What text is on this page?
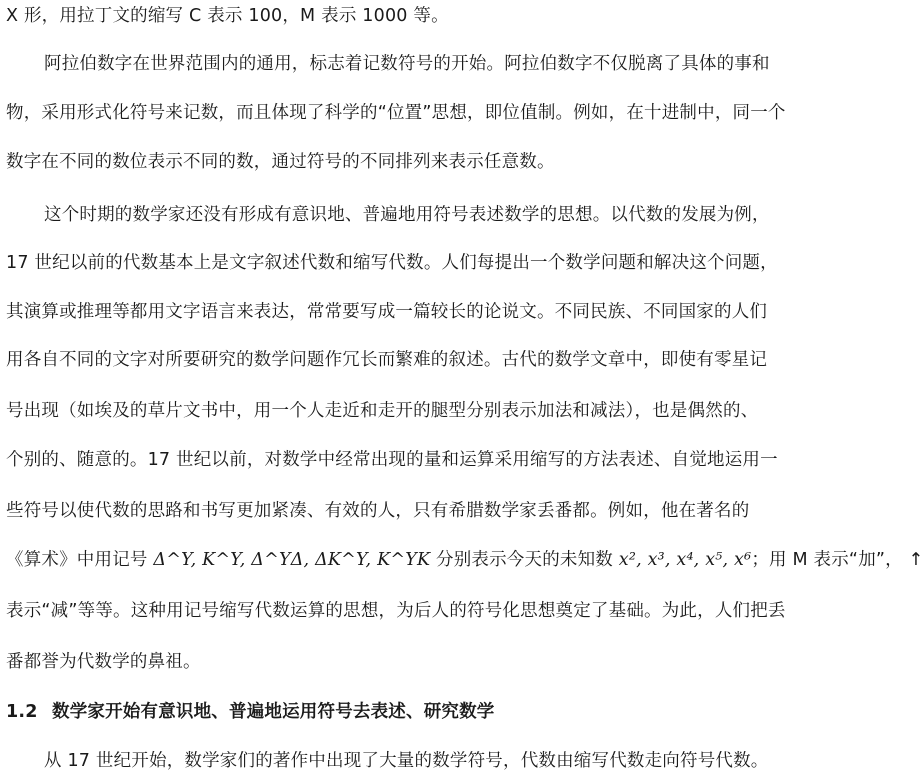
X 形，用拉丁文的缩写 C 表示 100，M 表示 1000 等。
阿拉伯数字在世界范围内的通用，标志着记数符号的开始。阿拉伯数字不仅脱离了具体的事和
物，采用形式化符号来记数，而且体现了科学的“位置”思想，即位值制。例如，在十进制中，同一个
数字在不同的数位表示不同的数，通过符号的不同排列来表示任意数。
这个时期的数学家还没有形成有意识地、普遍地用符号表述数学的思想。以代数的发展为例，
17 世纪以前的代数基本上是文字叙述代数和缩写代数。人们每提出一个数学问题和解决这个问题，
其演算或推理等都用文字语言来表达，常常要写成一篇较长的论说文。不同民族、不同国家的人们
用各自不同的文字对所要研究的数学问题作冗长而繁难的叙述。古代的数学文章中，即使有零星记
号出现（如埃及的草片文书中，用一个人走近和走开的腿型分别表示加法和减法），也是偶然的、
个别的、随意的。17 世纪以前，对数学中经常出现的量和运算采用缩写的方法表述、自觉地运用一
些符号以使代数的思路和书写更加紧凑、有效的人，只有希腊数学家丢番都。例如，他在著名的
《算术》中用记号 Δ^Y, K^Y, Δ^YΔ, ΔK^Y, K^YK 分别表示今天的未知数 x², x³, x⁴, x⁵, x⁶；用 M 表示“加”， ↑
表示“减”等等。这种用记号缩写代数运算的思想，为后人的符号化思想奠定了基础。为此，人们把丢
番都誉为代数学的鼻祖。
1.2 数学家开始有意识地、普遍地运用符号去表述、研究数学
从 17 世纪开始，数学家们的著作中出现了大量的数学符号，代数由缩写代数走向符号代数。
